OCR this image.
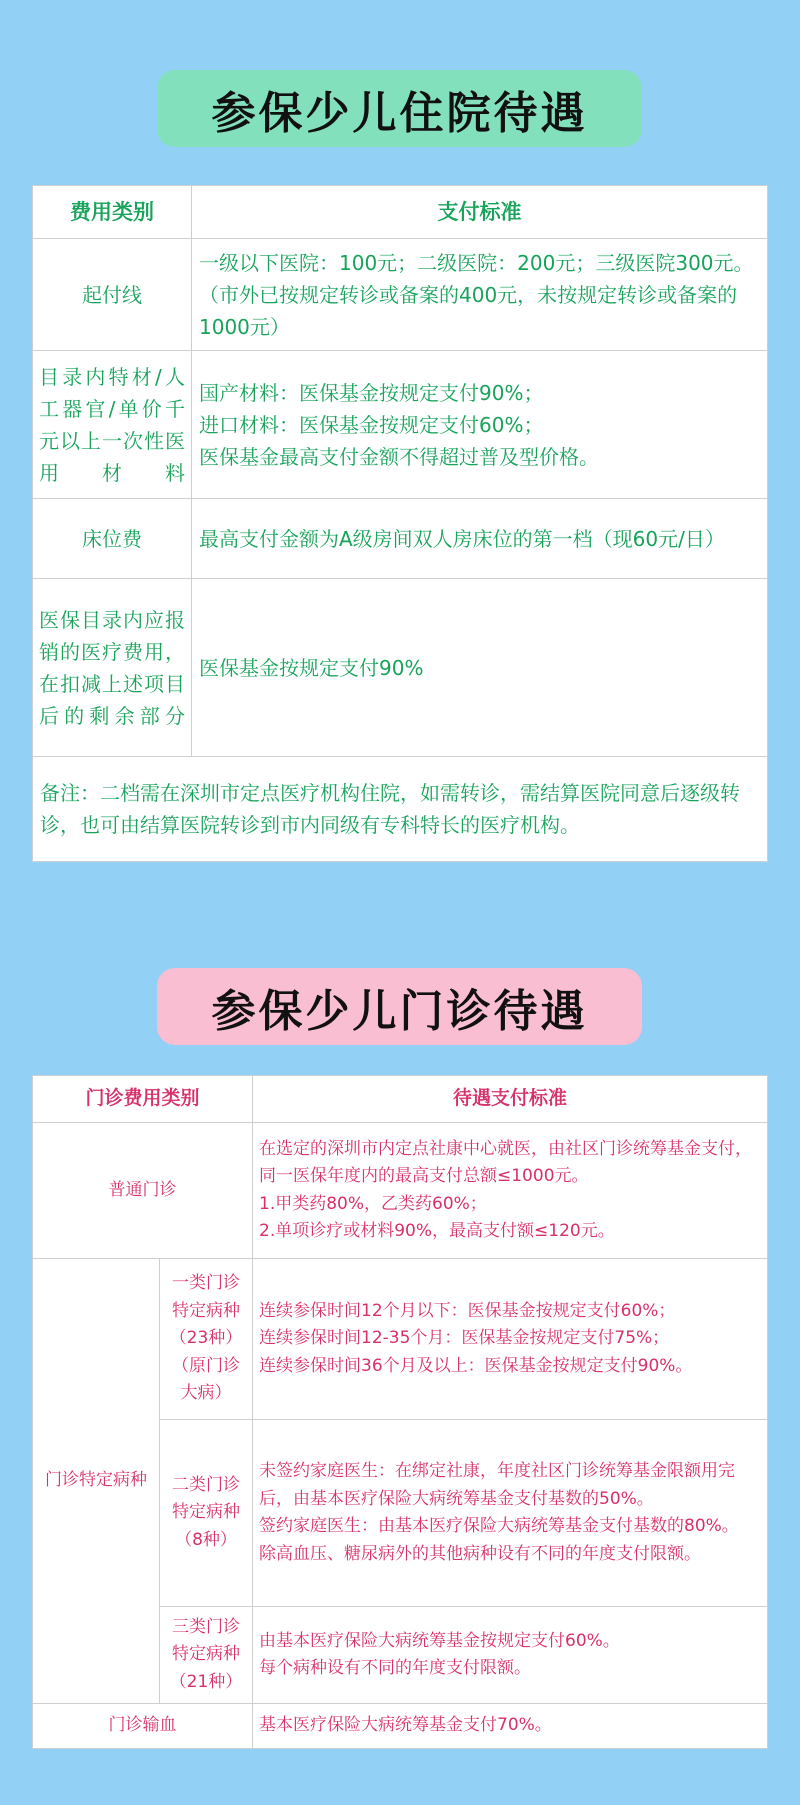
参保少儿住院待遇
费用类别	支付标准
起付线	一级以下医院：100元；二级医院：200元；三级医院300元。（市外已按规定转诊或备案的400元，未按规定转诊或备案的1000元）

目录内特材/人工器官/单价千元以上一次性医用材料	国产材料：医保基金按规定支付90%；
进口材料：医保基金按规定支付60%；
医保基金最高支付金额不得超过普及型价格。

床位费	最高支付金额为A级房间双人房床位的第一档（现60元/日）

医保目录内应报销的医疗费用，在扣减上述项目后的剩余部分	医保基金按规定支付90%

备注：二档需在深圳市定点医疗机构住院，如需转诊，需结算医院同意后逐级转诊，也可由结算医院转诊到市内同级有专科特长的医疗机构。	
参保少儿门诊待遇
门诊费用类别		待遇支付标准
普通门诊		在选定的深圳市内定点社康中心就医，由社区门诊统筹基金支付，同一医保年度内的最高支付总额≤1000元。
1.甲类药80%，乙类药60%；
2.单项诊疗或材料90%，最高支付额≤120元。

门诊特定病种	一类门诊特定病种（23种）（原门诊大病）	连续参保时间12个月以下：医保基金按规定支付60%；
连续参保时间12-35个月：医保基金按规定支付75%；
连续参保时间36个月及以上：医保基金按规定支付90%。

	二类门诊特定病种（8种）	未签约家庭医生：在绑定社康，年度社区门诊统筹基金限额用完后，由基本医疗保险大病统筹基金支付基数的50%。
签约家庭医生：由基本医疗保险大病统筹基金支付基数的80%。
除高血压、糖尿病外的其他病种设有不同的年度支付限额。

	三类门诊特定病种（21种）	由基本医疗保险大病统筹基金按规定支付60%。
每个病种设有不同的年度支付限额。

门诊输血		基本医疗保险大病统筹基金支付70%。
